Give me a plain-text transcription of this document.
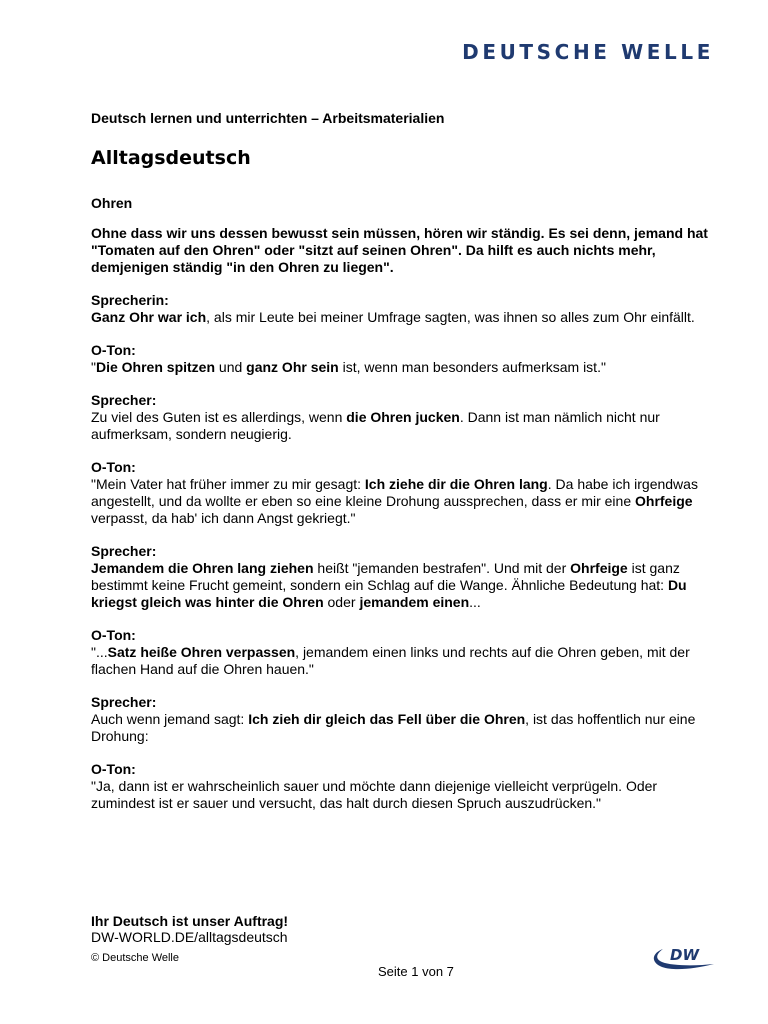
DEUTSCHE WELLE

Deutsch lernen und unterrichten – Arbeitsmaterialien

Alltagsdeutsch

Ohren

Ohne dass wir uns dessen bewusst sein müssen, hören wir ständig. Es sei denn, jemand hat "Tomaten auf den Ohren" oder "sitzt auf seinen Ohren". Da hilft es auch nichts mehr, demjenigen ständig "in den Ohren zu liegen".

Sprecherin:
Ganz Ohr war ich, als mir Leute bei meiner Umfrage sagten, was ihnen so alles zum Ohr einfällt.
O-Ton:
"Die Ohren spitzen und ganz Ohr sein ist, wenn man besonders aufmerksam ist."
Sprecher:
Zu viel des Guten ist es allerdings, wenn die Ohren jucken. Dann ist man nämlich nicht nur aufmerksam, sondern neugierig.
O-Ton:
"Mein Vater hat früher immer zu mir gesagt: Ich ziehe dir die Ohren lang. Da habe ich irgendwas angestellt, und da wollte er eben so eine kleine Drohung aussprechen, dass er mir eine Ohrfeige verpasst, da hab' ich dann Angst gekriegt."
Sprecher:
Jemandem die Ohren lang ziehen heißt "jemanden bestrafen". Und mit der Ohrfeige ist ganz bestimmt keine Frucht gemeint, sondern ein Schlag auf die Wange. Ähnliche Bedeutung hat: Du kriegst gleich was hinter die Ohren oder jemandem einen...
O-Ton:
"...Satz heiße Ohren verpassen, jemandem einen links und rechts auf die Ohren geben, mit der flachen Hand auf die Ohren hauen."
Sprecher:
Auch wenn jemand sagt: Ich zieh dir gleich das Fell über die Ohren, ist das hoffentlich nur eine Drohung:
O-Ton:
"Ja, dann ist er wahrscheinlich sauer und möchte dann diejenige vielleicht verprügeln. Oder zumindest ist er sauer und versucht, das halt durch diesen Spruch auszudrücken."
Ihr Deutsch ist unser Auftrag!
DW-WORLD.DE/alltagsdeutsch
© Deutsche Welle
Seite 1 von 7
DW
